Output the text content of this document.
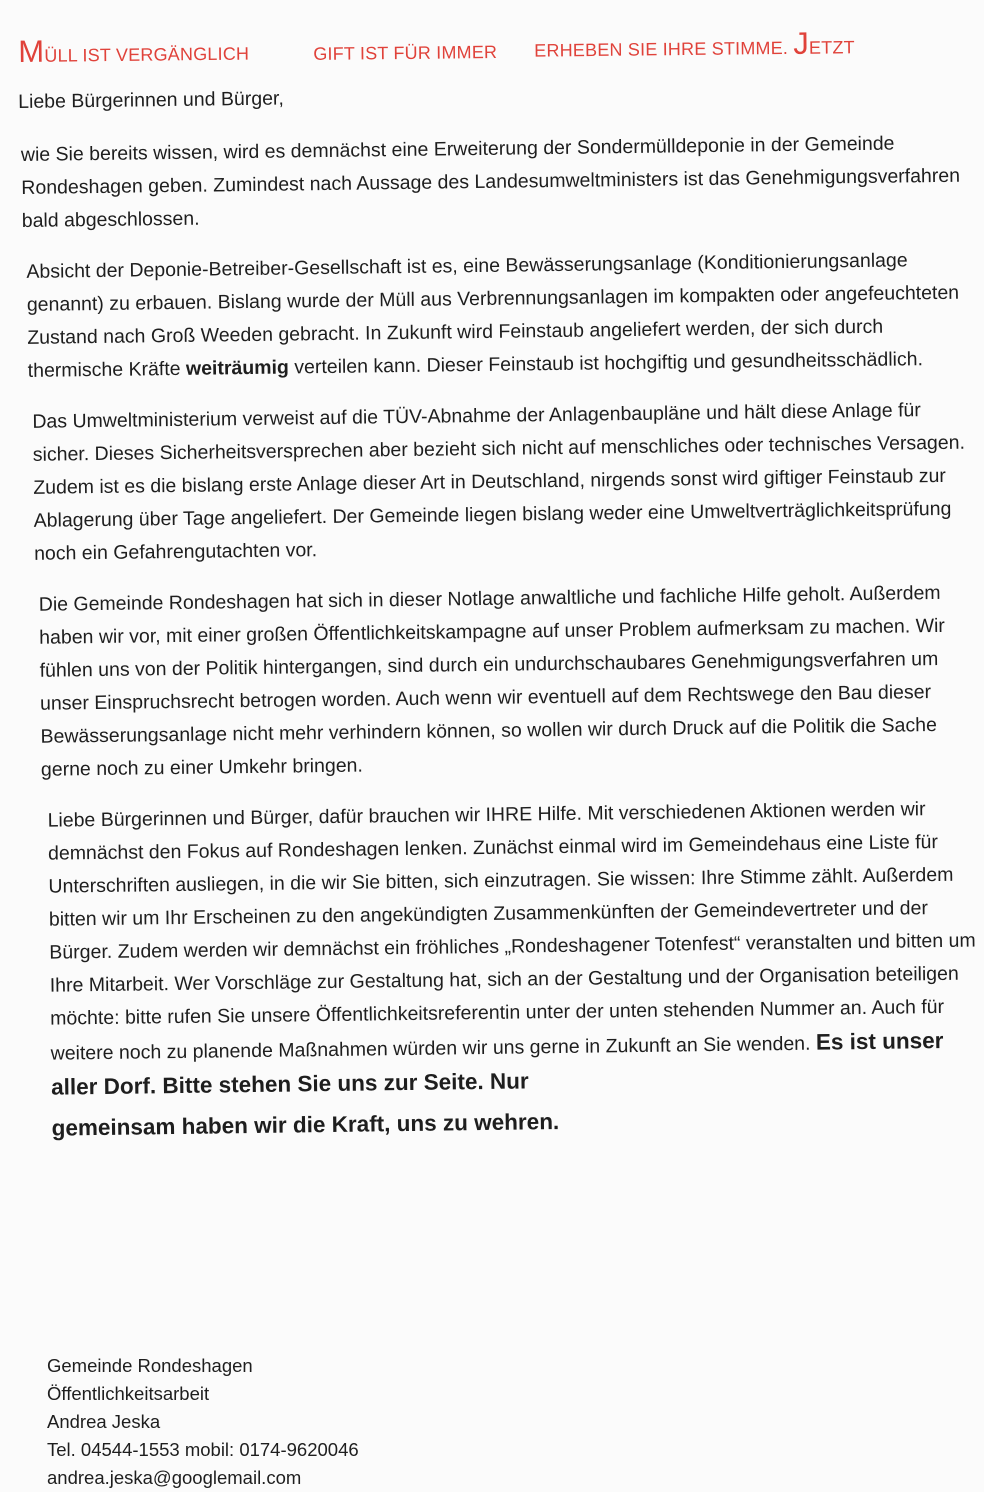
MÜLL IST VERGÄNGLICH	GIFT IST FÜR IMMER ERHEBEN SIE IHRE STIMME. JETZT

Liebe Bürgerinnen und Bürger,

wie Sie bereits wissen, wird es demnächst eine Erweiterung der Sondermülldeponie in der Gemeinde Rondeshagen geben. Zumindest nach Aussage des Landesumweltministers ist das Genehmigungsverfahren bald abgeschlossen.

Absicht der Deponie-Betreiber-Gesellschaft ist es, eine Bewässerungsanlage (Konditionierungsanlage genannt) zu erbauen. Bislang wurde der Müll aus Verbrennungsanlagen im kompakten oder angefeuchteten Zustand nach Groß Weeden gebracht. In Zukunft wird Feinstaub angeliefert werden, der sich durch thermische Kräfte weiträumig verteilen kann. Dieser Feinstaub ist hochgiftig und gesundheitsschädlich.

Das Umweltministerium verweist auf die TÜV-Abnahme der Anlagenbaupläne und hält diese Anlage für sicher. Dieses Sicherheitsversprechen aber bezieht sich nicht auf menschliches oder technisches Versagen. Zudem ist es die bislang erste Anlage dieser Art in Deutschland, nirgends sonst wird giftiger Feinstaub zur Ablagerung über Tage angeliefert. Der Gemeinde liegen bislang weder eine Umweltverträglichkeitsprüfung noch ein Gefahrengutachten vor.

Die Gemeinde Rondeshagen hat sich in dieser Notlage anwaltliche und fachliche Hilfe geholt. Außerdem haben wir vor, mit einer großen Öffentlichkeitskampagne auf unser Problem aufmerksam zu machen. Wir fühlen uns von der Politik hintergangen, sind durch ein undurchschaubares Genehmigungsverfahren um unser Einspruchsrecht betrogen worden. Auch wenn wir eventuell auf dem Rechtswege den Bau dieser Bewässerungsanlage nicht mehr verhindern können, so wollen wir durch Druck auf die Politik die Sache gerne noch zu einer Umkehr bringen.

Liebe Bürgerinnen und Bürger, dafür brauchen wir IHRE Hilfe. Mit verschiedenen Aktionen werden wir demnächst den Fokus auf Rondeshagen lenken. Zunächst einmal wird im Gemeindehaus eine Liste für Unterschriften ausliegen, in die wir Sie bitten, sich einzutragen. Sie wissen: Ihre Stimme zählt. Außerdem bitten wir um Ihr Erscheinen zu den angekündigten Zusammenkünften der Gemeindevertreter und der Bürger. Zudem werden wir demnächst ein fröhliches „Rondeshagener Totenfest“ veranstalten und bitten um Ihre Mitarbeit. Wer Vorschläge zur Gestaltung hat, sich an der Gestaltung und der Organisation beteiligen möchte: bitte rufen Sie unsere Öffentlichkeitsreferentin unter der unten stehenden Nummer an. Auch für weitere noch zu planende Maßnahmen würden wir uns gerne in Zukunft an Sie wenden. Es ist unser aller Dorf. Bitte stehen Sie uns zur Seite. Nur
gemeinsam haben wir die Kraft, uns zu wehren.

Gemeinde Rondeshagen
Öffentlichkeitsarbeit
Andrea Jeska
Tel. 04544-1553 mobil: 0174-9620046
andrea.jeska@googlemail.com
